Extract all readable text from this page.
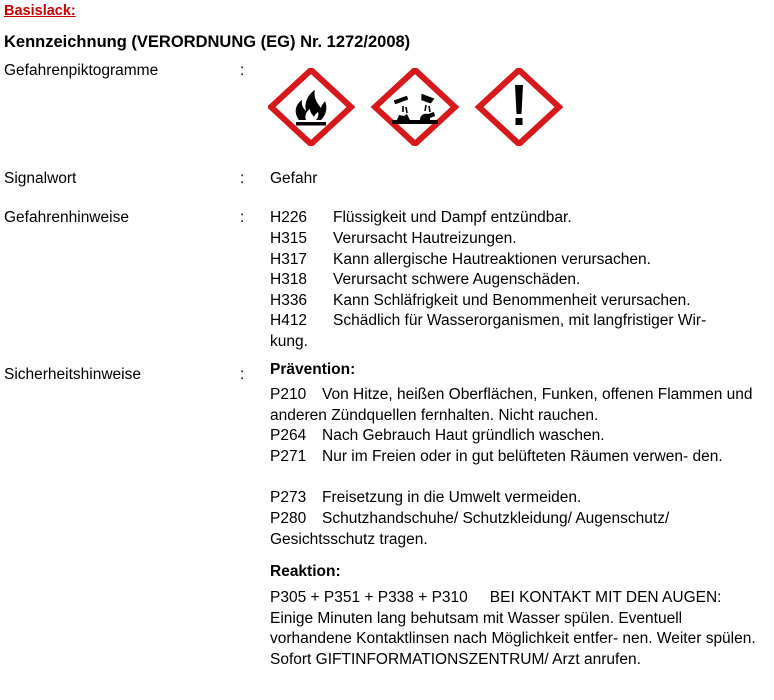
Basislack:
Kennzeichnung (VERORDNUNG (EG) Nr. 1272/2008)
Gefahrenpiktogramme	:
Signalwort	: Gefahr
Gefahrenhinweise	: H226 Flüssigkeit und Dampf entzündbar.
H315 Verursacht Hautreizungen.
H317 Kann allergische Hautreaktionen verursachen.
H318 Verursacht schwere Augenschäden.
H336 Kann Schläfrigkeit und Benommenheit verursachen.
H412 Schädlich für Wasserorganismen, mit langfristiger Wir-
kung.
Sicherheitshinweise	: Prävention:
P210 Von Hitze, heißen Oberflächen, Funken, offenen Flammen und anderen Zündquellen fernhalten. Nicht rauchen.
P264 Nach Gebrauch Haut gründlich waschen.
P271 Nur im Freien oder in gut belüfteten Räumen verwen- den.
P273 Freisetzung in die Umwelt vermeiden.
P280 Schutzhandschuhe/ Schutzkleidung/ Augenschutz/ Gesichtsschutz tragen.
Reaktion:
P305 + P351 + P338 + P310 BEI KONTAKT MIT DEN AUGEN: Einige Minuten lang behutsam mit Wasser spülen. Eventuell vorhandene Kontaktlinsen nach Möglichkeit entfer- nen. Weiter spülen. Sofort GIFTINFORMATIONSZENTRUM/ Arzt anrufen.
